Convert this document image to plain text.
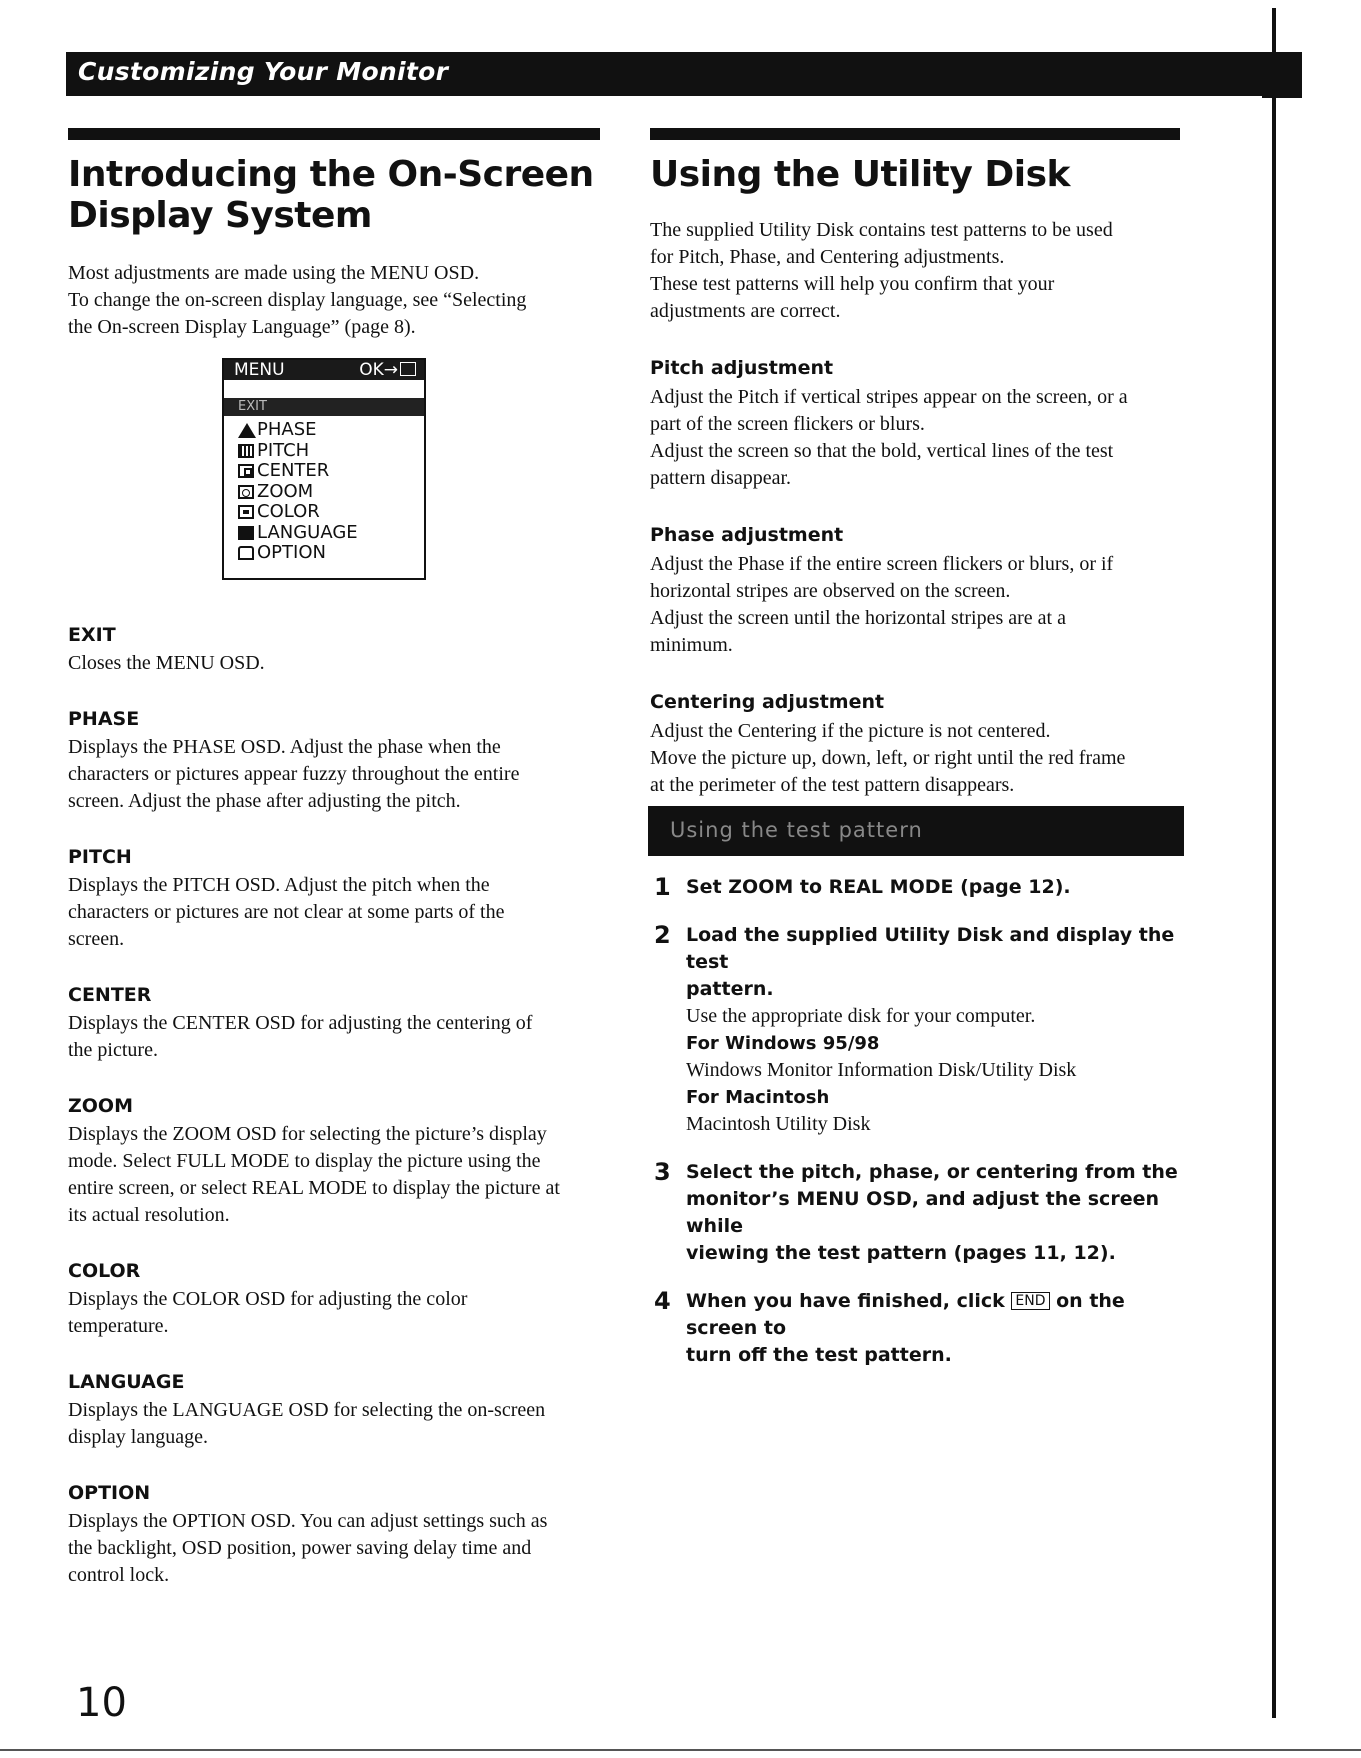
Customizing Your Monitor
Introducing the On-Screen Display System

Most adjustments are made using the MENU OSD.

To change the on-screen display language, see “Selecting

the On-screen Display Language” (page 8).

MENU	OK→
EXIT
PHASE
PITCH
CENTER
ZOOM
COLOR
LANGUAGE
OPTION

EXIT

Closes the MENU OSD.

PHASE

Displays the PHASE OSD. Adjust the phase when the

characters or pictures appear fuzzy throughout the entire

screen. Adjust the phase after adjusting the pitch.

PITCH

Displays the PITCH OSD. Adjust the pitch when the

characters or pictures are not clear at some parts of the

screen.

CENTER

Displays the CENTER OSD for adjusting the centering of

the picture.

ZOOM

Displays the ZOOM OSD for selecting the picture’s display

mode. Select FULL MODE to display the picture using the

entire screen, or select REAL MODE to display the picture at

its actual resolution.

COLOR

Displays the COLOR OSD for adjusting the color

temperature.

LANGUAGE

Displays the LANGUAGE OSD for selecting the on-screen

display language.

OPTION

Displays the OPTION OSD. You can adjust settings such as

the backlight, OSD position, power saving delay time and

control lock.

Using the Utility Disk

The supplied Utility Disk contains test patterns to be used

for Pitch, Phase, and Centering adjustments.

These test patterns will help you confirm that your

adjustments are correct.

Pitch adjustment

Adjust the Pitch if vertical stripes appear on the screen, or a

part of the screen flickers or blurs.

Adjust the screen so that the bold, vertical lines of the test

pattern disappear.

Phase adjustment

Adjust the Phase if the entire screen flickers or blurs, or if

horizontal stripes are observed on the screen.

Adjust the screen until the horizontal stripes are at a

minimum.

Centering adjustment

Adjust the Centering if the picture is not centered.

Move the picture up, down, left, or right until the red frame

at the perimeter of the test pattern disappears.

Using the test pattern
1 Set ZOOM to REAL MODE (page 12).

2 Load the supplied Utility Disk and display the test

pattern.

Use the appropriate disk for your computer.

For Windows 95/98

Windows Monitor Information Disk/Utility Disk

For Macintosh

Macintosh Utility Disk

3 Select the pitch, phase, or centering from the

monitor’s MENU OSD, and adjust the screen while

viewing the test pattern (pages 11, 12).

4 When you have finished, click END on the screen to

turn off the test pattern.

10
